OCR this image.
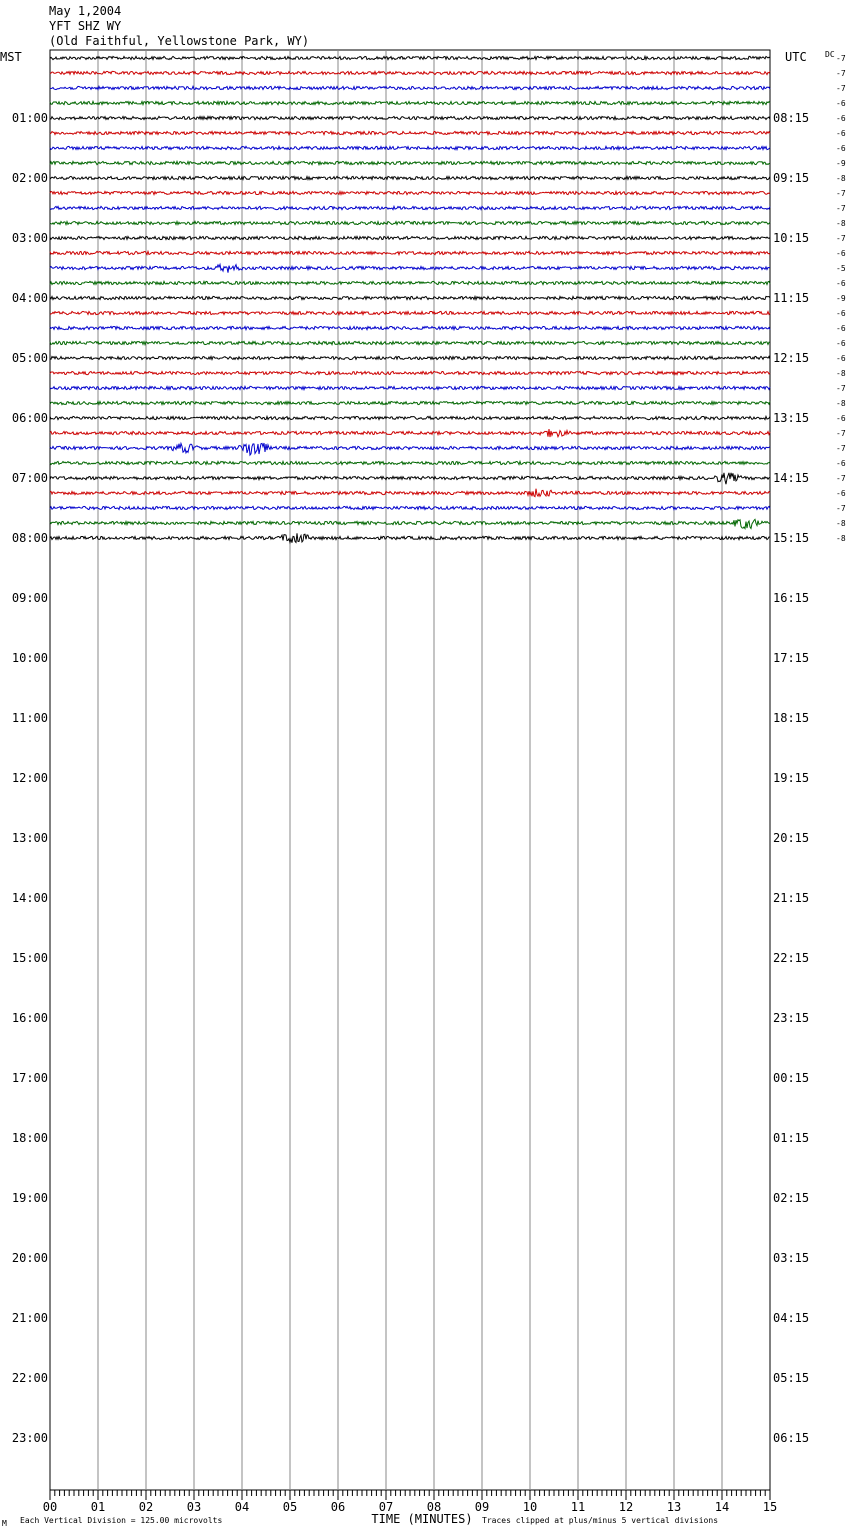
May 1,2004
YFT SHZ WY
(Old Faithful, Yellowstone Park, WY)
01:00
02:00
03:00
04:00
05:00
06:00
07:00
08:00
09:00
10:00
11:00
12:00
13:00
14:00
15:00
16:00
17:00
18:00
19:00
20:00
21:00
22:00
23:00
08:15
09:15
10:15
11:15
12:15
13:15
14:15
15:15
16:15
17:15
18:15
19:15
20:15
21:15
22:15
23:15
00:15
01:15
02:15
03:15
04:15
05:15
06:15
-7
-7
-7
-6
-6
-6
-6
-9
-8
-7
-7
-8
-7
-6
-5
-6
-9
-6
-6
-6
-6
-8
-7
-8
-6
-7
-7
-6
-7
-6
-7
-8
-8
00	01	02	03	04	05	06	07	08	09	10	11	12	13	14	15
MST	UTC DC
TIME (MINUTES)
Each Vertical Division = 125.00 microvolts	Traces clipped at plus/minus 5 vertical divisions
M
